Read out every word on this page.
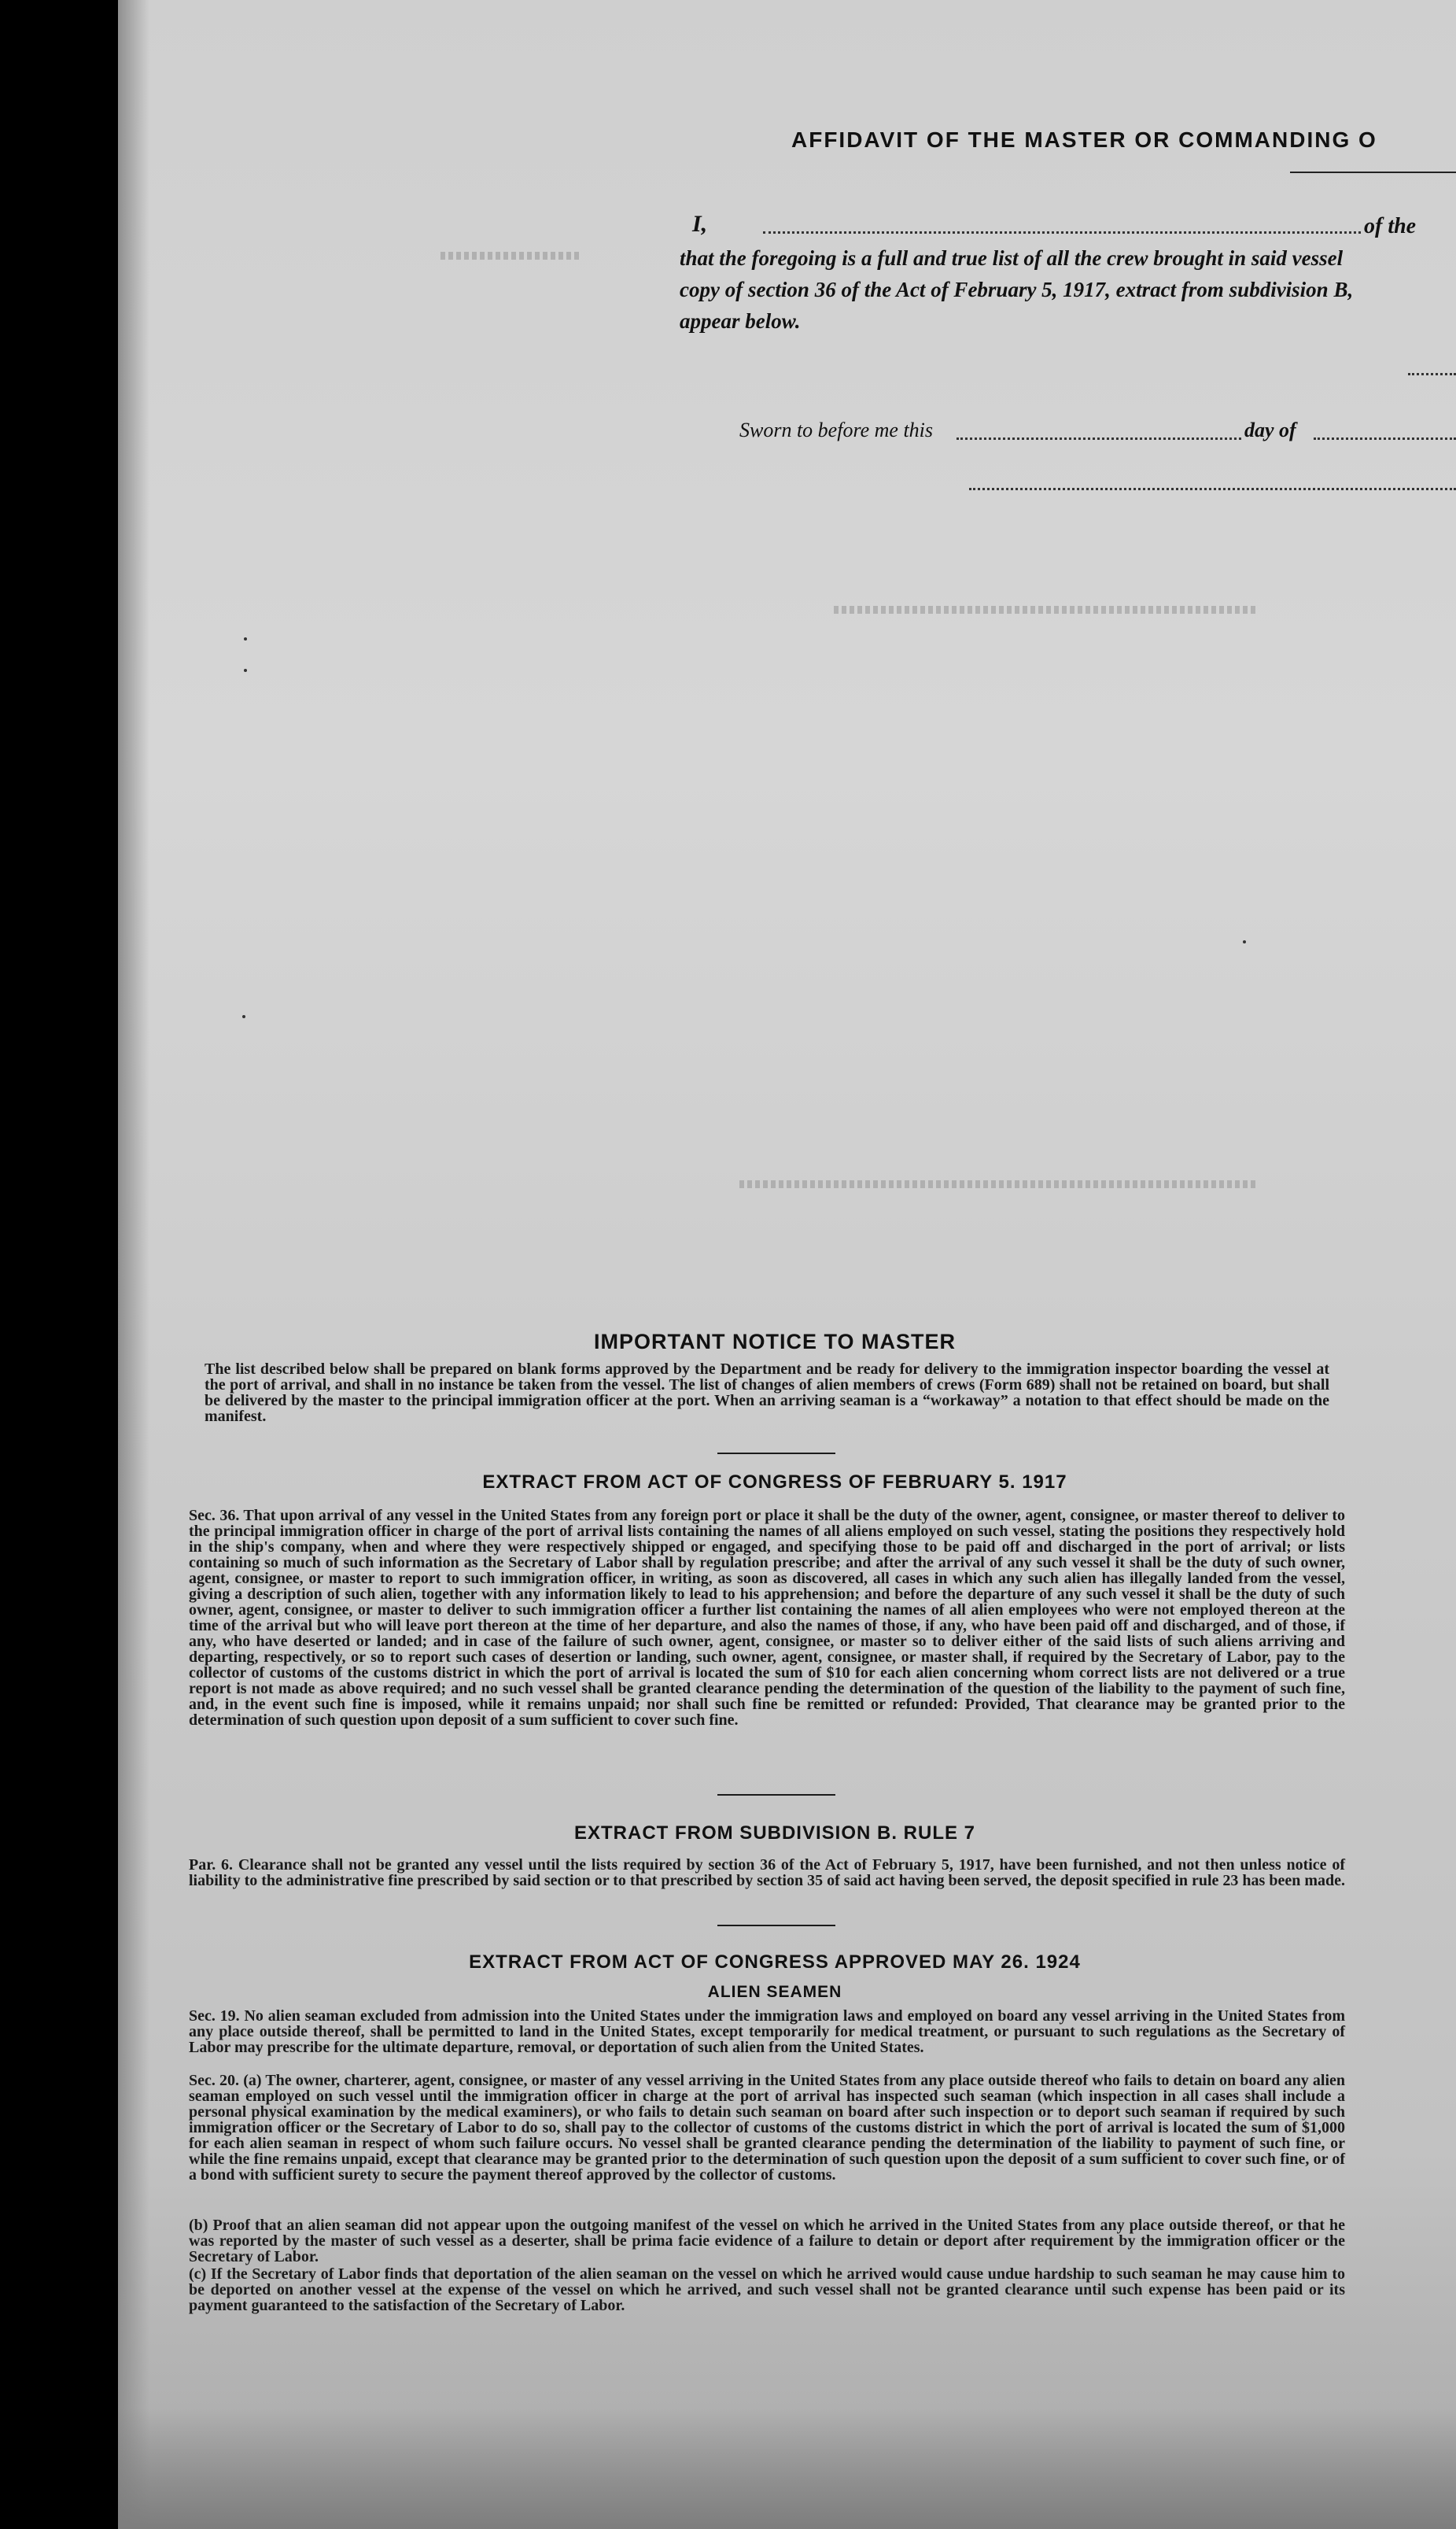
AFFIDAVIT OF THE MASTER OR COMMANDING O
I,	of the
that the foregoing is a full and true list of all the crew brought in said vessel
copy of section 36 of the Act of February 5, 1917, extract from subdivision B,
appear below.
Sworn to before me this	day of
IMPORTANT NOTICE TO MASTER

The list described below shall be prepared on blank forms approved by the Department and be ready for delivery to the immigration inspector boarding the vessel at the port of arrival, and shall in no instance be taken from the vessel. The list of changes of alien members of crews (Form 689) shall not be retained on board, but shall be delivered by the master to the principal immigration officer at the port. When an arriving seaman is a “workaway” a notation to that effect should be made on the manifest.

EXTRACT FROM ACT OF CONGRESS OF FEBRUARY 5. 1917

Sec. 36. That upon arrival of any vessel in the United States from any foreign port or place it shall be the duty of the owner, agent, consignee, or master thereof to deliver to the principal immigration officer in charge of the port of arrival lists containing the names of all aliens employed on such vessel, stating the positions they respectively hold in the ship's company, when and where they were respectively shipped or engaged, and specifying those to be paid off and discharged in the port of arrival; or lists containing so much of such information as the Secretary of Labor shall by regulation prescribe; and after the arrival of any such vessel it shall be the duty of such owner, agent, consignee, or master to report to such immigration officer, in writing, as soon as discovered, all cases in which any such alien has illegally landed from the vessel, giving a description of such alien, together with any information likely to lead to his apprehension; and before the departure of any such vessel it shall be the duty of such owner, agent, consignee, or master to deliver to such immigration officer a further list containing the names of all alien employees who were not employed thereon at the time of the arrival but who will leave port thereon at the time of her departure, and also the names of those, if any, who have been paid off and discharged, and of those, if any, who have deserted or landed; and in case of the failure of such owner, agent, consignee, or master so to deliver either of the said lists of such aliens arriving and departing, respectively, or so to report such cases of desertion or landing, such owner, agent, consignee, or master shall, if required by the Secretary of Labor, pay to the collector of customs of the customs district in which the port of arrival is located the sum of $10 for each alien concerning whom correct lists are not delivered or a true report is not made as above required; and no such vessel shall be granted clearance pending the determination of the question of the liability to the payment of such fine, and, in the event such fine is imposed, while it remains unpaid; nor shall such fine be remitted or refunded: Provided, That clearance may be granted prior to the determination of such question upon deposit of a sum sufficient to cover such fine.

EXTRACT FROM SUBDIVISION B. RULE 7

Par. 6. Clearance shall not be granted any vessel until the lists required by section 36 of the Act of February 5, 1917, have been furnished, and not then unless notice of liability to the administrative fine prescribed by said section or to that prescribed by section 35 of said act having been served, the deposit specified in rule 23 has been made.

EXTRACT FROM ACT OF CONGRESS APPROVED MAY 26. 1924
ALIEN SEAMEN

Sec. 19. No alien seaman excluded from admission into the United States under the immigration laws and employed on board any vessel arriving in the United States from any place outside thereof, shall be permitted to land in the United States, except temporarily for medical treatment, or pursuant to such regulations as the Secretary of Labor may prescribe for the ultimate departure, removal, or deportation of such alien from the United States.

Sec. 20. (a) The owner, charterer, agent, consignee, or master of any vessel arriving in the United States from any place outside thereof who fails to detain on board any alien seaman employed on such vessel until the immigration officer in charge at the port of arrival has inspected such seaman (which inspection in all cases shall include a personal physical examination by the medical examiners), or who fails to detain such seaman on board after such inspection or to deport such seaman if required by such immigration officer or the Secretary of Labor to do so, shall pay to the collector of customs of the customs district in which the port of arrival is located the sum of $1,000 for each alien seaman in respect of whom such failure occurs. No vessel shall be granted clearance pending the determination of the liability to payment of such fine, or while the fine remains unpaid, except that clearance may be granted prior to the determination of such question upon the deposit of a sum sufficient to cover such fine, or of a bond with sufficient surety to secure the payment thereof approved by the collector of customs.

(b) Proof that an alien seaman did not appear upon the outgoing manifest of the vessel on which he arrived in the United States from any place outside thereof, or that he was reported by the master of such vessel as a deserter, shall be prima facie evidence of a failure to detain or deport after requirement by the immigration officer or the Secretary of Labor.

(c) If the Secretary of Labor finds that deportation of the alien seaman on the vessel on which he arrived would cause undue hardship to such seaman he may cause him to be deported on another vessel at the expense of the vessel on which he arrived, and such vessel shall not be granted clearance until such expense has been paid or its payment guaranteed to the satisfaction of the Secretary of Labor.
